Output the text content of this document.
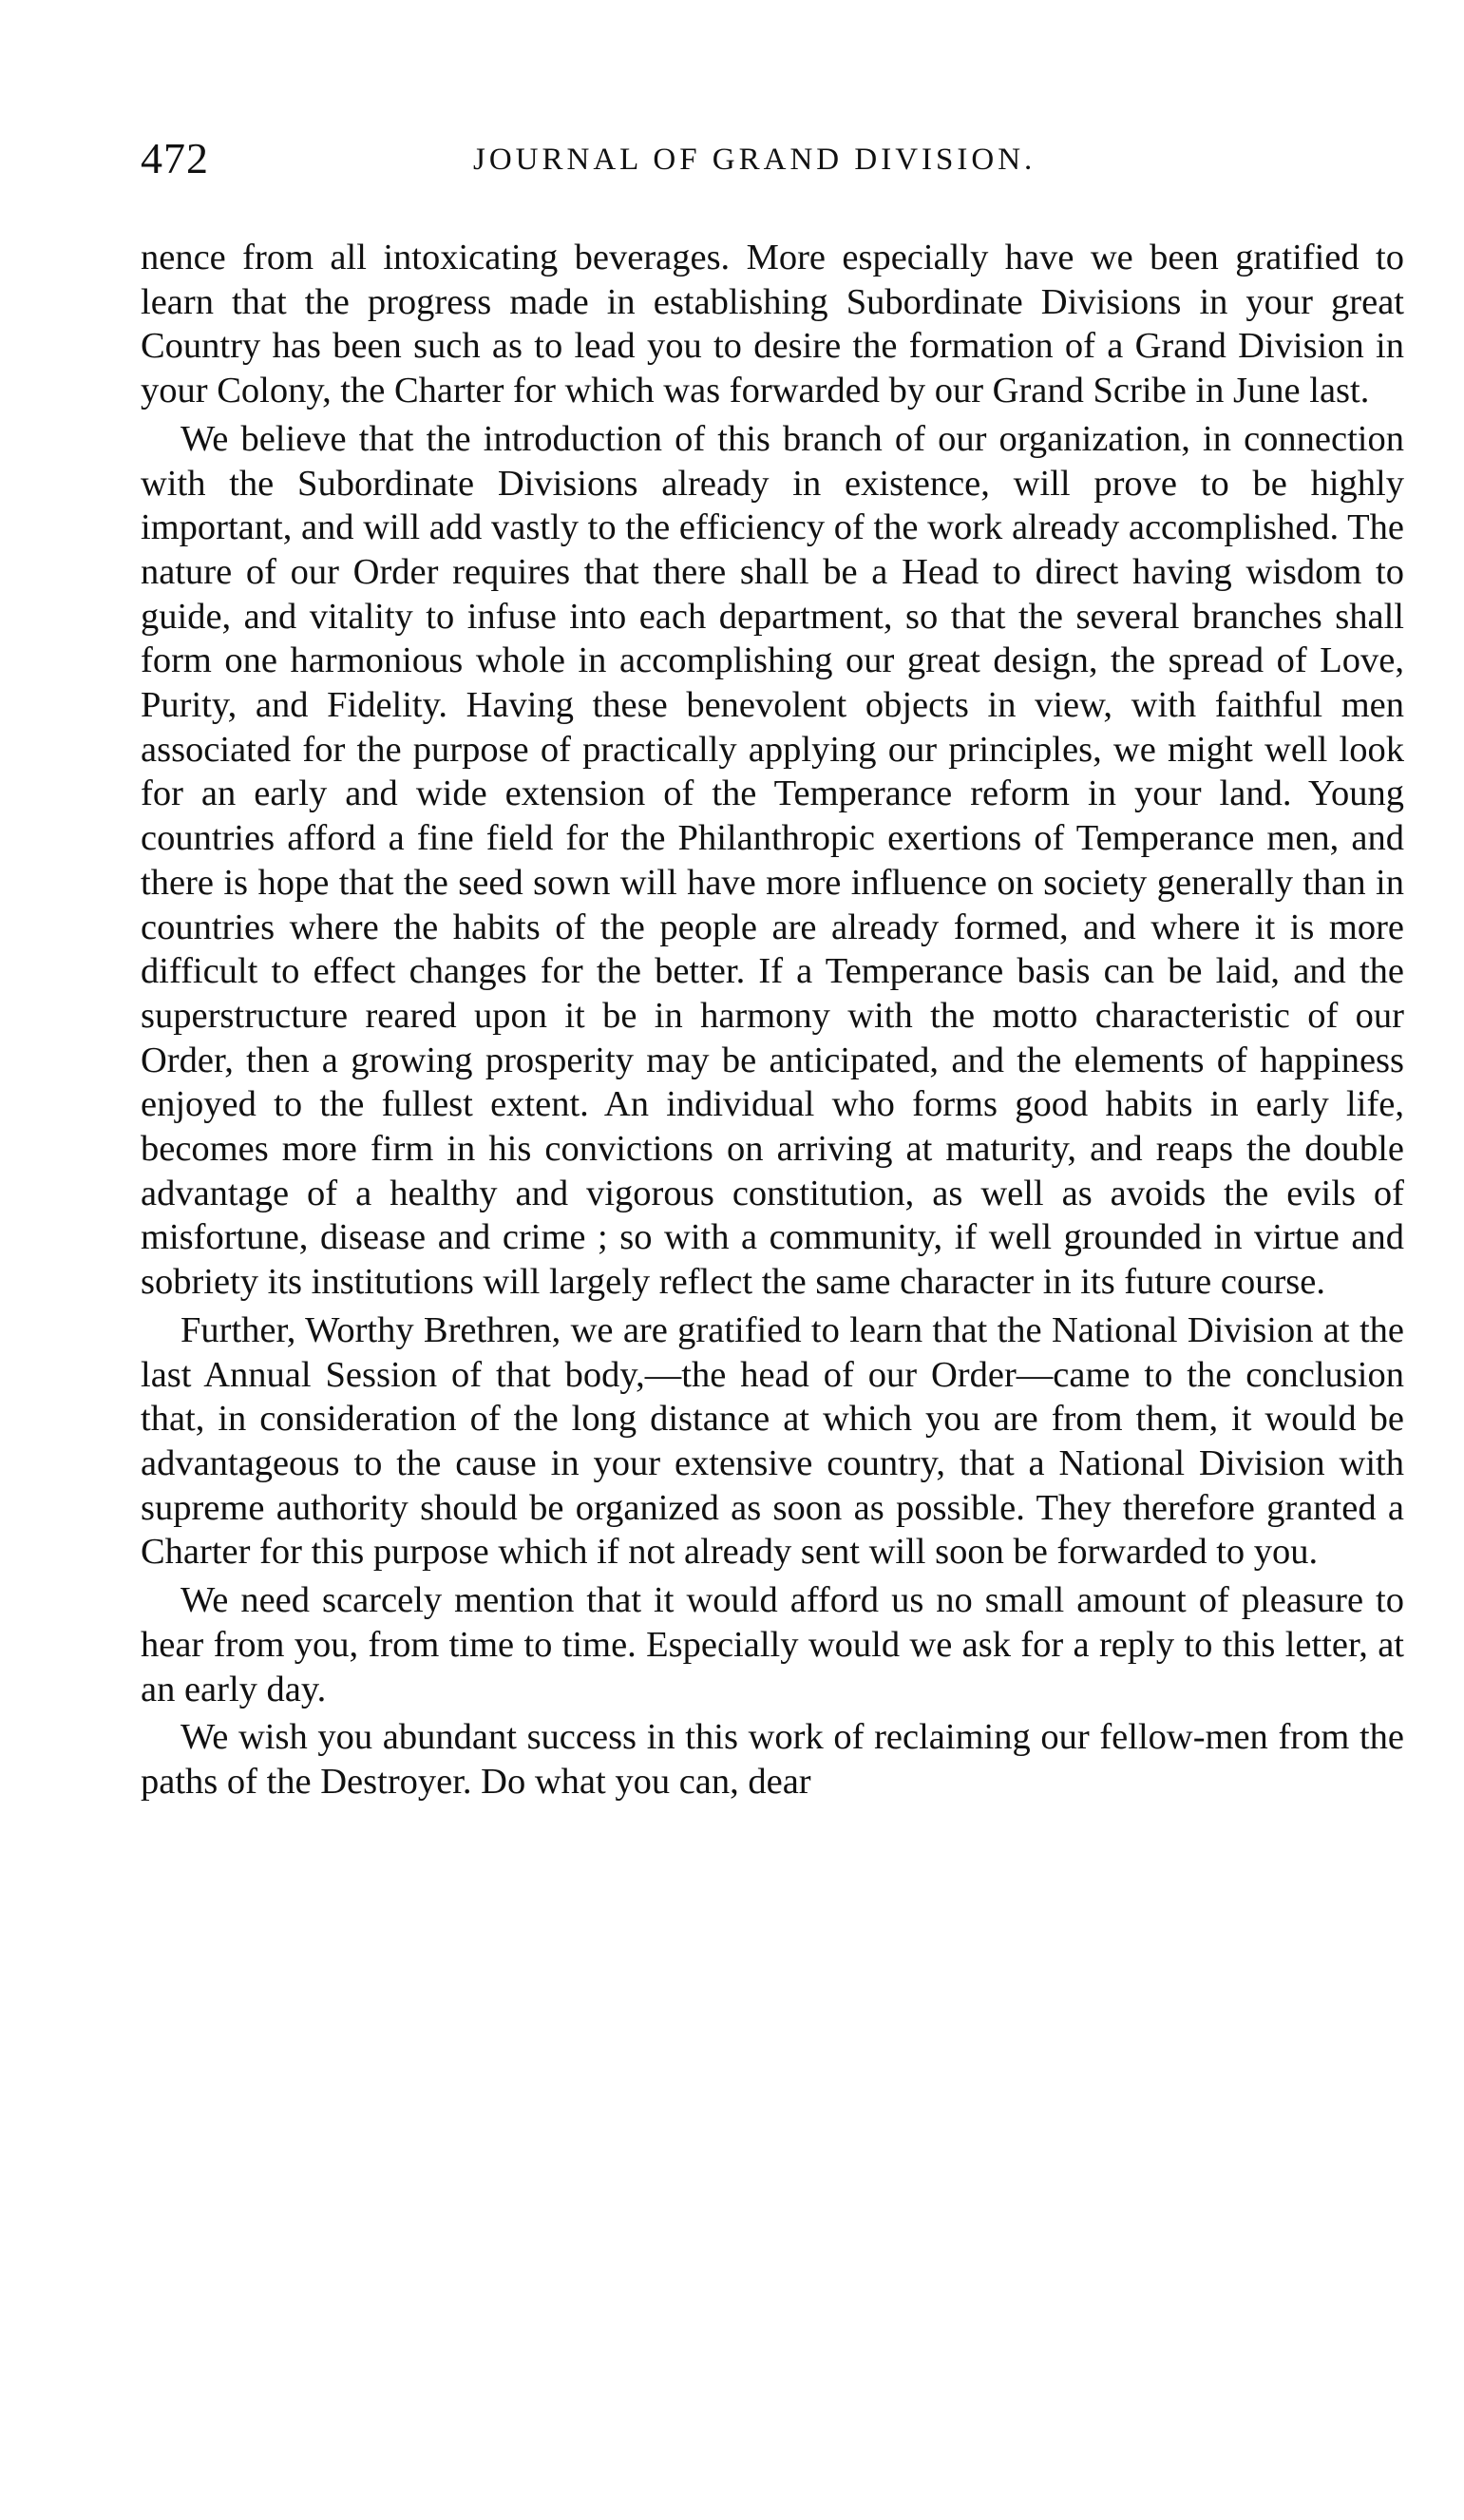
472	JOURNAL OF GRAND DIVISION.

nence from all intoxicating beverages. More especially have we been gratified to learn that the progress made in establishing Subordinate Divisions in your great Country has been such as to lead you to desire the formation of a Grand Division in your Colony, the Charter for which was forwarded by our Grand Scribe in June last.

We believe that the introduction of this branch of our organization, in connection with the Subordinate Divisions already in existence, will prove to be highly important, and will add vastly to the efficiency of the work already accomplished. The nature of our Order requires that there shall be a Head to direct having wisdom to guide, and vitality to infuse into each department, so that the several branches shall form one harmonious whole in accomplishing our great design, the spread of Love, Purity, and Fidelity. Having these benevolent objects in view, with faithful men associated for the purpose of practically applying our principles, we might well look for an early and wide extension of the Temperance reform in your land. Young countries afford a fine field for the Philanthropic exertions of Temperance men, and there is hope that the seed sown will have more influence on society generally than in countries where the habits of the people are already formed, and where it is more difficult to effect changes for the better. If a Temperance basis can be laid, and the superstructure reared upon it be in harmony with the motto characteristic of our Order, then a growing prosperity may be anticipated, and the elements of happiness enjoyed to the fullest extent. An individual who forms good habits in early life, becomes more firm in his convictions on arriving at maturity, and reaps the double advantage of a healthy and vigorous constitution, as well as avoids the evils of misfortune, disease and crime ; so with a community, if well grounded in virtue and sobriety its institutions will largely reflect the same character in its future course.

Further, Worthy Brethren, we are gratified to learn that the National Division at the last Annual Session of that body,—the head of our Order—came to the conclusion that, in consideration of the long distance at which you are from them, it would be advantageous to the cause in your extensive country, that a National Division with supreme authority should be organized as soon as possible. They therefore granted a Charter for this purpose which if not already sent will soon be forwarded to you.

We need scarcely mention that it would afford us no small amount of pleasure to hear from you, from time to time. Especially would we ask for a reply to this letter, at an early day.

We wish you abundant success in this work of reclaiming our fellow-men from the paths of the Destroyer. Do what you can, dear
